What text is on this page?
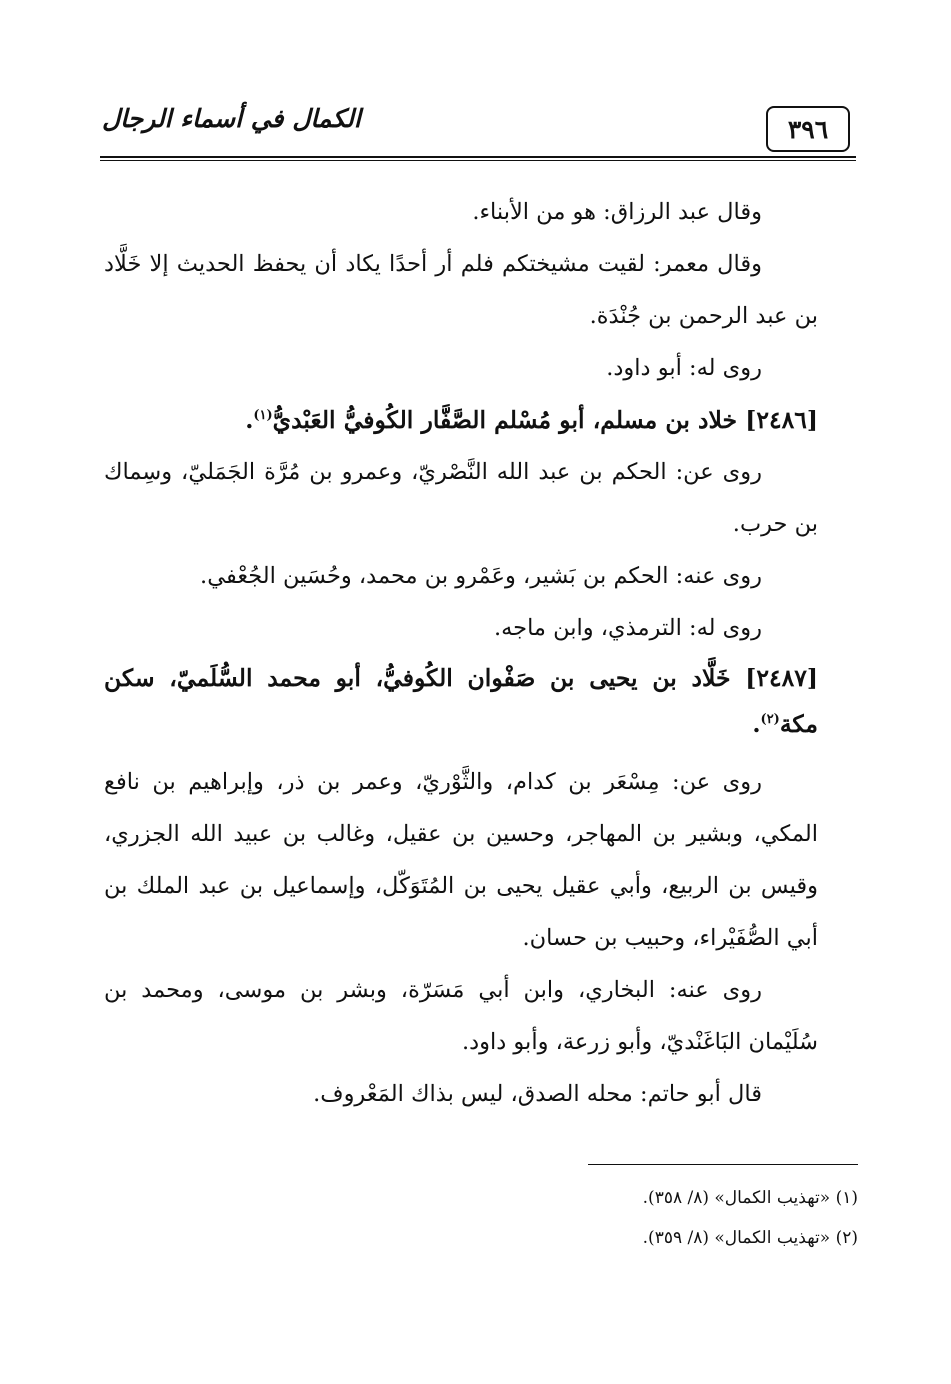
الكمال في أسماء الرجال	٣٩٦

وقال عبد الرزاق: هو من الأبناء.

وقال معمر: لقيت مشيختكم فلم أر أحدًا يكاد أن يحفظ الحديث إلا خَلَّاد بن عبد الرحمن بن جُنْدَة.

روى له: أبو داود.

[٢٤٨٦] خلاد بن مسلم، أبو مُسْلم الصَّفَّار الكُوفيُّ العَبْديُّ$^{(١)}$.

روى عن: الحكم بن عبد الله النَّصْريّ، وعمرو بن مُرَّة الجَمَليّ، وسِماك بن حرب.

روى عنه: الحكم بن بَشير، وعَمْرو بن محمد، وحُسَين الجُعْفي.

روى له: الترمذي، وابن ماجه.

[٢٤٨٧] خَلَّاد بن يحيى بن صَفْوان الكُوفيُّ، أبو محمد السُّلَميّ، سكن

مكة$^{(٢)}$.

روى عن: مِسْعَر بن كدام، والثَّوْريّ، وعمر بن ذر، وإبراهيم بن نافع المكي، وبشير بن المهاجر، وحسين بن عقيل، وغالب بن عبيد الله الجزري، وقيس بن الربيع، وأبي عقيل يحيى بن المُتَوَكّل، وإسماعيل بن عبد الملك بن أبي الصُّفَيْراء، وحبيب بن حسان.

روى عنه: البخاري، وابن أبي مَسَرّة، وبشر بن موسى، ومحمد بن سُلَيْمان البَاغَنْديّ، وأبو زرعة، وأبو داود.

قال أبو حاتم: محله الصدق، ليس بذاك المَعْروف.

(١) «تهذيب الكمال» (٨/ ٣٥٨).

(٢) «تهذيب الكمال» (٨/ ٣٥٩).
